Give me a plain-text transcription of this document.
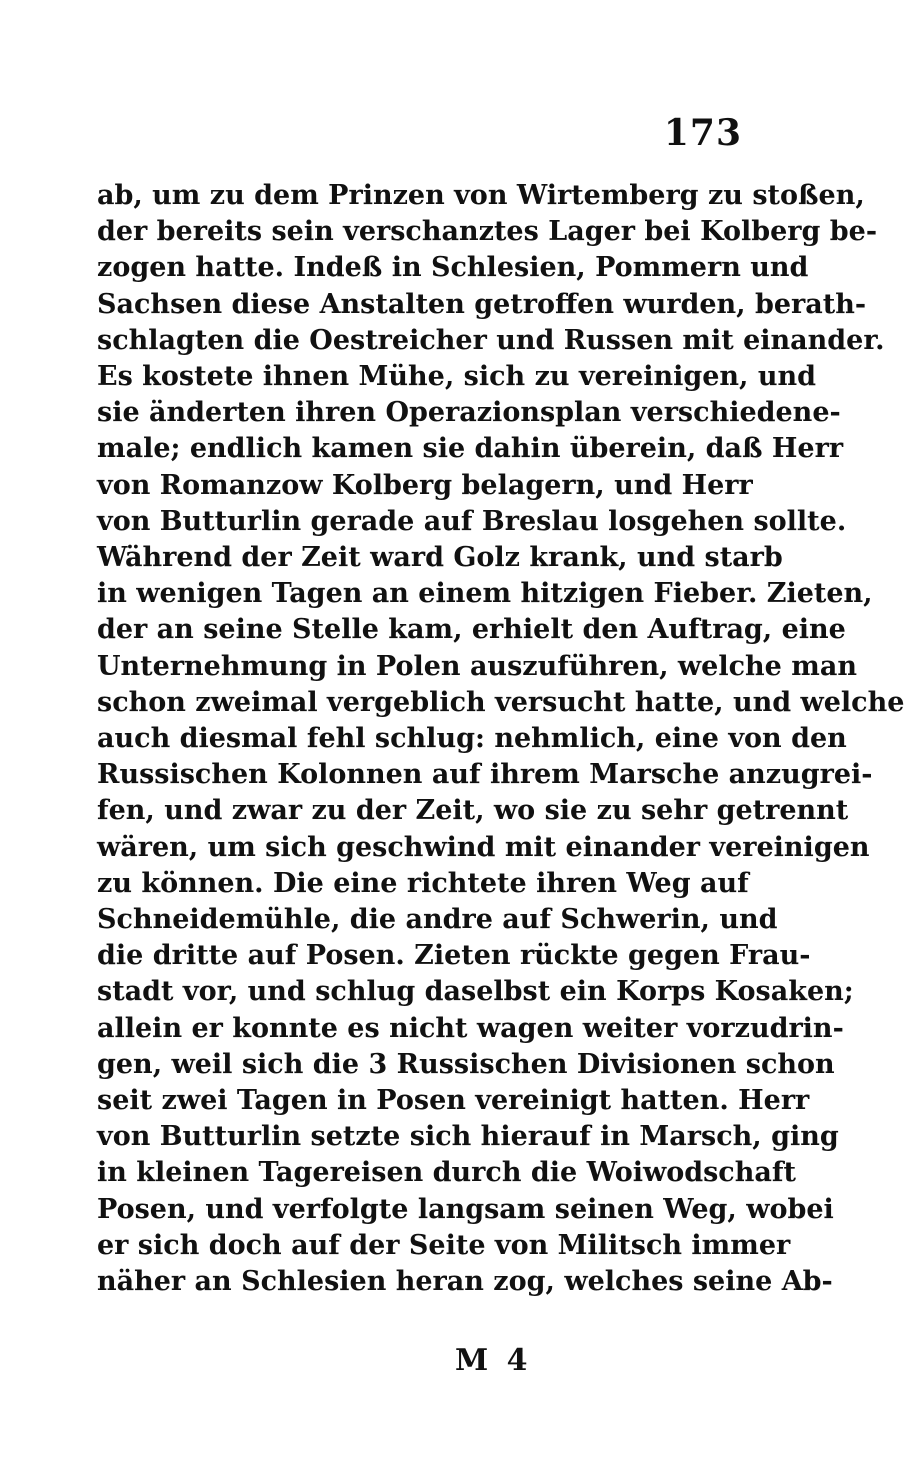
173
ab, um zu dem Prinzen von Wirtemberg zu stoßen,
der bereits sein verschanztes Lager bei Kolberg be-
zogen hatte. Indeß in Schlesien, Pommern und
Sachsen diese Anstalten getroffen wurden, berath-
schlagten die Oestreicher und Russen mit einander.
Es kostete ihnen Mühe, sich zu vereinigen, und
sie änderten ihren Operazionsplan verschiedene-
male; endlich kamen sie dahin überein, daß Herr
von Romanzow Kolberg belagern, und Herr
von Butturlin gerade auf Breslau losgehen sollte.
Während der Zeit ward Golz krank, und starb
in wenigen Tagen an einem hitzigen Fieber. Zieten,
der an seine Stelle kam, erhielt den Auftrag, eine
Unternehmung in Polen auszuführen, welche man
schon zweimal vergeblich versucht hatte, und welche
auch diesmal fehl schlug: nehmlich, eine von den
Russischen Kolonnen auf ihrem Marsche anzugrei-
fen, und zwar zu der Zeit, wo sie zu sehr getrennt
wären, um sich geschwind mit einander vereinigen
zu können. Die eine richtete ihren Weg auf
Schneidemühle, die andre auf Schwerin, und
die dritte auf Posen. Zieten rückte gegen Frau-
stadt vor, und schlug daselbst ein Korps Kosaken;
allein er konnte es nicht wagen weiter vorzudrin-
gen, weil sich die 3 Russischen Divisionen schon
seit zwei Tagen in Posen vereinigt hatten. Herr
von Butturlin setzte sich hierauf in Marsch, ging
in kleinen Tagereisen durch die Woiwodschaft
Posen, und verfolgte langsam seinen Weg, wobei
er sich doch auf der Seite von Militsch immer
näher an Schlesien heran zog, welches seine Ab-
M 4
